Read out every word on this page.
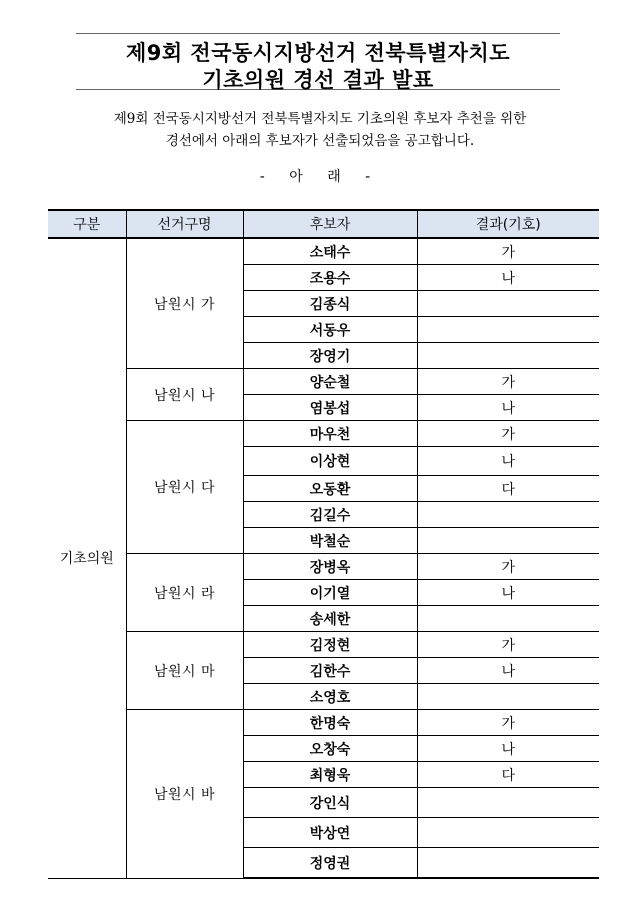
제9회 전국동시지방선거 전북특별자치도
기초의원 경선 결과 발표
제9회 전국동시지방선거 전북특별자치도 기초의원 후보자 추천을 위한
경선에서 아래의 후보자가 선출되었음을 공고합니다.
- 아 래 -
구분	선거구명	후보자	결과(기호)
기초의원	남원시 가	소태수	가
		조용수	나
		김종식	
		서동우	
		장영기	
	남원시 나	양순철	가
		염봉섭	나
	남원시 다	마우천	가
		이상현	나
		오동환	다
		김길수	
		박철순	
	남원시 라	장병옥	가
		이기열	나
		송세한	
	남원시 마	김정현	가
		김한수	나
		소영호	
	남원시 바	한명숙	가
		오창숙	나
		최형욱	다
		강인식	
		박상연	
		정영권	
